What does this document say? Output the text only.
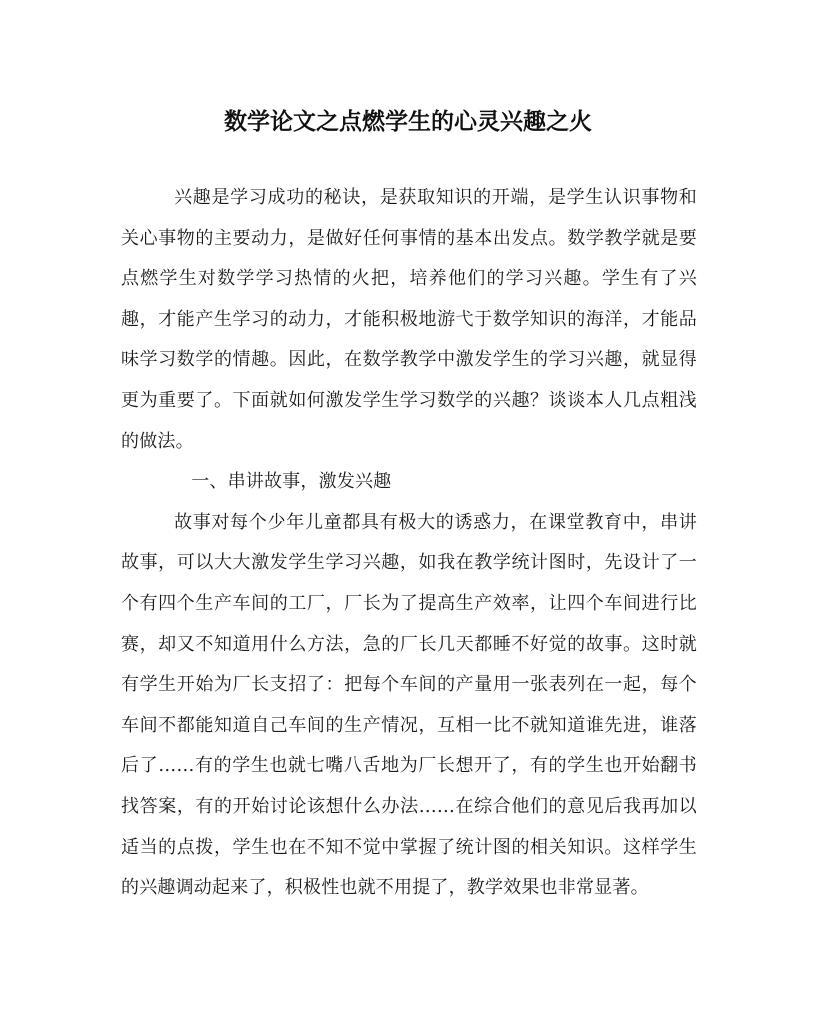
数学论文之点燃学生的心灵兴趣之火

兴趣是学习成功的秘诀，是获取知识的开端，是学生认识事物和关心事物的主要动力，是做好任何事情的基本出发点。数学教学就是要点燃学生对数学学习热情的火把，培养他们的学习兴趣。学生有了兴趣，才能产生学习的动力，才能积极地游弋于数学知识的海洋，才能品味学习数学的情趣。因此，在数学教学中激发学生的学习兴趣，就显得更为重要了。下面就如何激发学生学习数学的兴趣？谈谈本人几点粗浅的做法。

一、串讲故事，激发兴趣

故事对每个少年儿童都具有极大的诱惑力，在课堂教育中，串讲故事，可以大大激发学生学习兴趣，如我在教学统计图时，先设计了一个有四个生产车间的工厂，厂长为了提高生产效率，让四个车间进行比赛，却又不知道用什么方法，急的厂长几天都睡不好觉的故事。这时就有学生开始为厂长支招了：把每个车间的产量用一张表列在一起，每个车间不都能知道自己车间的生产情况，互相一比不就知道谁先进，谁落后了……有的学生也就七嘴八舌地为厂长想开了，有的学生也开始翻书找答案，有的开始讨论该想什么办法……在综合他们的意见后我再加以适当的点拨，学生也在不知不觉中掌握了统计图的相关知识。这样学生的兴趣调动起来了，积极性也就不用提了，教学效果也非常显著。
